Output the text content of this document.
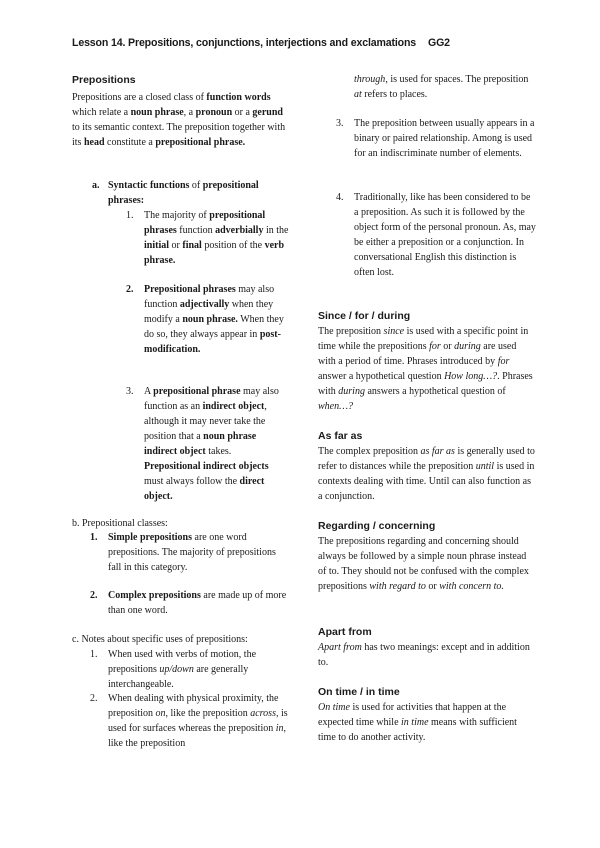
Lesson 14. Prepositions, conjunctions, interjections and exclamations GG2
Prepositions

Prepositions are a closed class of function words which relate a noun phrase, a pronoun or a gerund to its semantic context. The preposition together with its head constitute a prepositional phrase.

a. Syntactic functions of prepositional phrases:

1. The majority of prepositional phrases function adverbially in the initial or final position of the verb phrase.

2. Prepositional phrases may also function adjectivally when they modify a noun phrase. When they do so, they always appear in post-modification.

3. A prepositional phrase may also function as an indirect object, although it may never take the position that a noun phrase indirect object takes. Prepositional indirect objects must always follow the direct object.

b. Prepositional classes:
1. Simple prepositions are one word prepositions. The majority of prepositions fall in this category.

2. Complex prepositions are made up of more than one word.

c. Notes about specific uses of prepositions:
1. When used with verbs of motion, the prepositions up/down are generally interchangeable.

2. When dealing with physical proximity, the preposition on, like the preposition across, is used for surfaces whereas the preposition in, like the preposition

through, is used for spaces. The preposition at refers to places.

3. The preposition between usually appears in a binary or paired relationship. Among is used for an indiscriminate number of elements.

4. Traditionally, like has been considered to be a preposition. As such it is followed by the object form of the personal pronoun. As, may be either a preposition or a conjunction. In conversational English this distinction is often lost.

Since / for / during

The preposition since is used with a specific point in time while the prepositions for or during are used with a period of time. Phrases introduced by for answer a hypothetical question How long…?. Phrases with during answers a hypothetical question of when…?

As far as

The complex preposition as far as is generally used to refer to distances while the preposition until is used in contexts dealing with time. Until can also function as a conjunction.

Regarding / concerning

The prepositions regarding and concerning should always be followed by a simple noun phrase instead of to. They should not be confused with the complex prepositions with regard to or with concern to.

Apart from

Apart from has two meanings: except and in addition to.

On time / in time

On time is used for activities that happen at the expected time while in time means with sufficient time to do another activity.
